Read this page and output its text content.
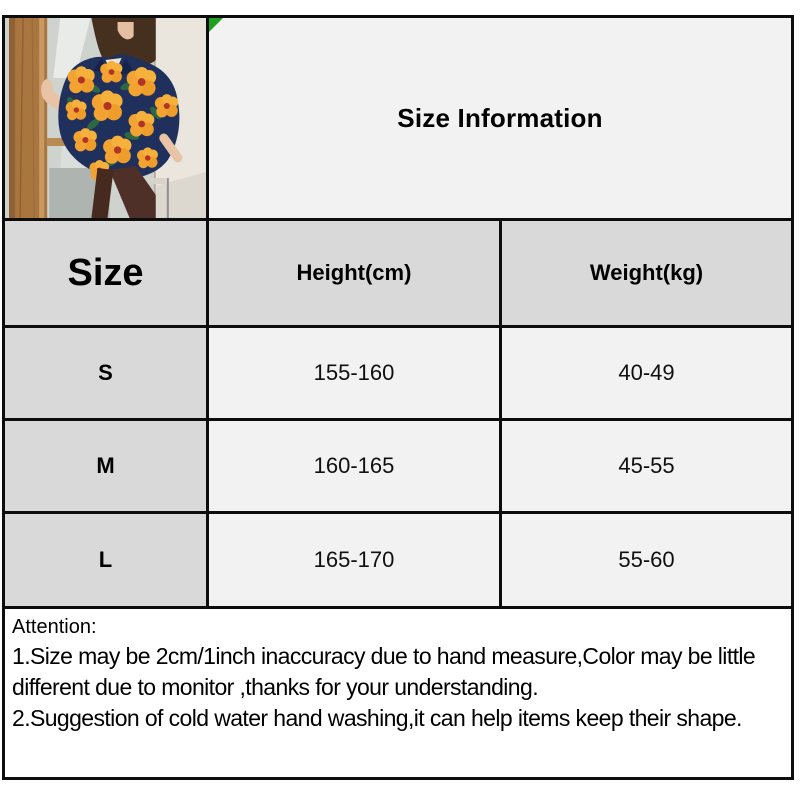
Size Information
Size	Height(cm)	Weight(kg)
S	155-160	40-49
M	160-165	45-55
L	165-170	55-60
Attention:
1.Size may be 2cm/1inch inaccuracy due to hand measure,Color may be little
different due to monitor ,thanks for your understanding.
2.Suggestion of cold water hand washing,it can help items keep their shape.
